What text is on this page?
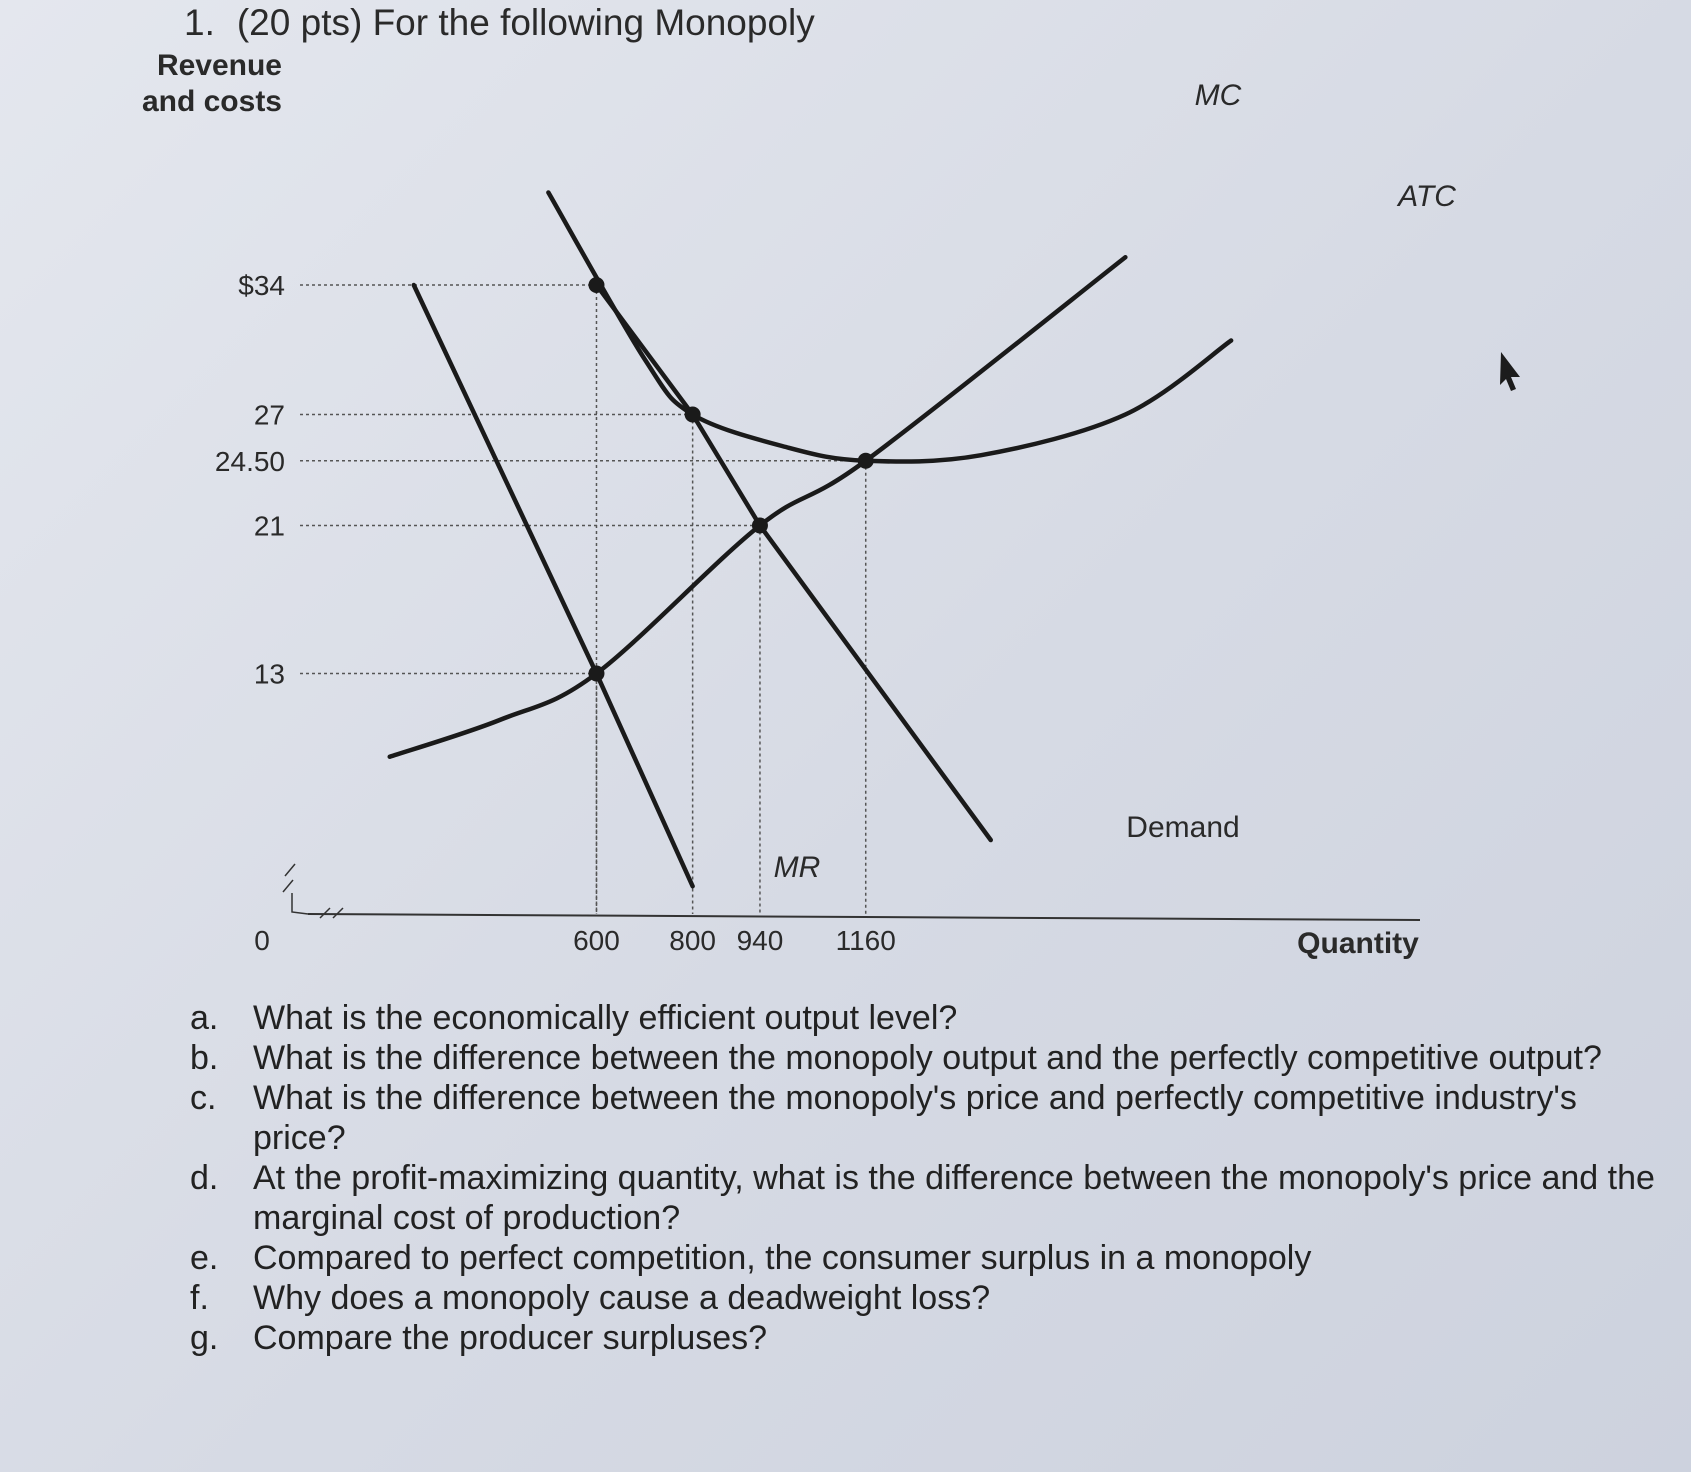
1. (20 pts) For the following Monopoly
Revenue
and costs
$34
27
24.50
21
13
600 800 940 1160
0	Quantity
MC
ATC
Demand
MR
a.	What is the economically efficient output level?
b.	What is the difference between the monopoly output and the perfectly competitive output?
c.	What is the difference between the monopoly's price and perfectly competitive industry's price?
d.	At the profit-maximizing quantity, what is the difference between the monopoly's price and the marginal cost of production?
e.	Compared to perfect competition, the consumer surplus in a monopoly
f.	Why does a monopoly cause a deadweight loss?
g.	Compare the producer surpluses?
